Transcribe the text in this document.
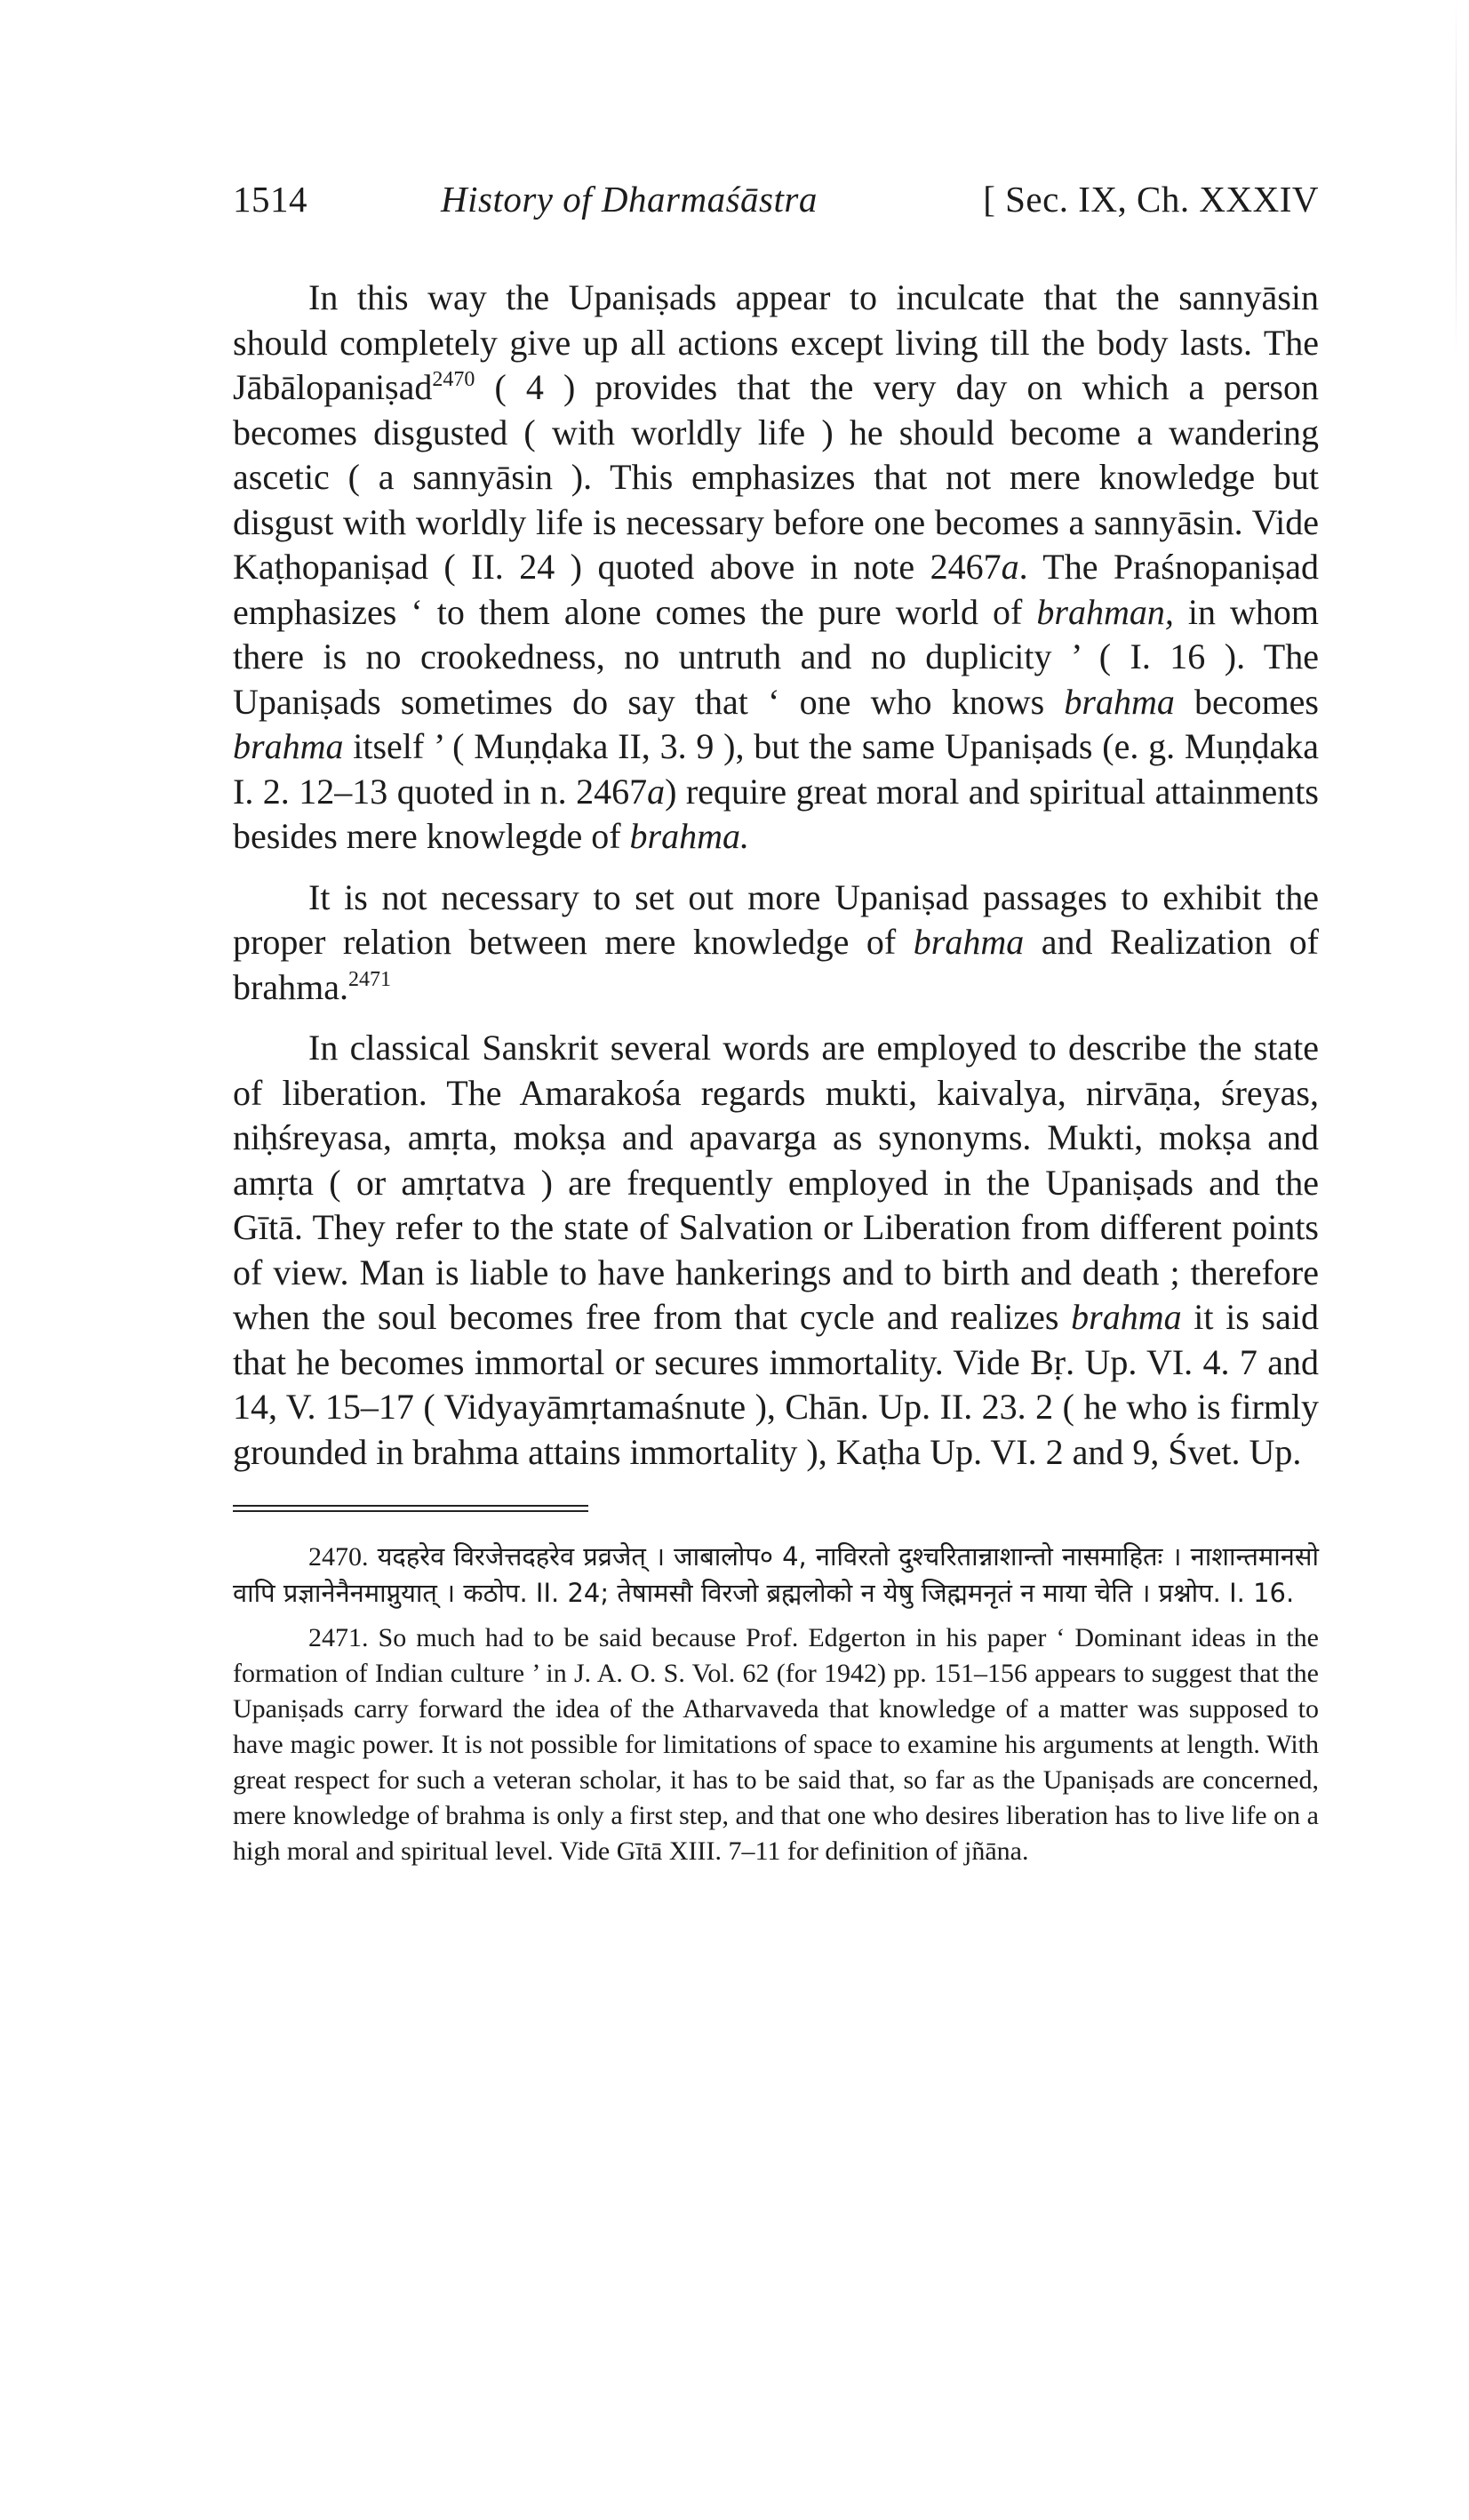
1514	History of Dharmaśāstra	[ Sec. IX, Ch. XXXIV

In this way the Upaniṣads appear to inculcate that the sannyāsin should completely give up all actions except living till the body lasts. The Jābālopaniṣad$^{2470}$ ( 4 ) provides that the very day on which a person becomes disgusted ( with worldly life ) he should become a wandering ascetic ( a sannyāsin ). This emphasizes that not mere knowledge but disgust with worldly life is necessary before one becomes a sannyāsin. Vide Kaṭhopaniṣad ( II. 24 ) quoted above in note 2467a. The Praśnopaniṣad emphasizes ‘ to them alone comes the pure world of brahman, in whom there is no crookedness, no untruth and no duplicity ’ ( I. 16 ). The Upaniṣads sometimes do say that ‘ one who knows brahma becomes brahma itself ’ ( Muṇḍaka II, 3. 9 ), but the same Upaniṣads (e. g. Muṇḍaka I. 2. 12–13 quoted in n. 2467a) require great moral and spiritual attainments besides mere knowlegde of brahma.

It is not necessary to set out more Upaniṣad passages to exhibit the proper relation between mere knowledge of brahma and Realization of brahma.$^{2471}$

In classical Sanskrit several words are employed to describe the state of liberation. The Amarakośa regards mukti, kaivalya, nirvāṇa, śreyas, niḥśreyasa, amṛta, mokṣa and apavarga as synonyms. Mukti, mokṣa and amṛta ( or amṛtatva ) are frequently employed in the Upaniṣads and the Gītā. They refer to the state of Salvation or Liberation from different points of view. Man is liable to have hankerings and to birth and death ; therefore when the soul becomes free from that cycle and realizes brahma it is said that he becomes immortal or secures immortality. Vide Bṛ. Up. VI. 4. 7 and 14, V. 15–17 ( Vidyayāmṛtamaśnute ), Chān. Up. II. 23. 2 ( he who is firmly grounded in brahma attains immortality ), Kaṭha Up. VI. 2 and 9, Śvet. Up.

2470. यदहरेव विरजेत्तदहरेव प्रव्रजेत् । जाबालोप० 4, नाविरतो दुश्चरितान्नाशान्तो नासमाहितः । नाशान्तमानसो वापि प्रज्ञानेनैनमाप्नुयात् । कठोप. II. 24; तेषामसौ विरजो ब्रह्मलोको न येषु जिह्ममनृतं न माया चेति । प्रश्नोप. I. 16.
2471. So much had to be said because Prof. Edgerton in his paper ‘ Dominant ideas in the formation of Indian culture ’ in J. A. O. S. Vol. 62 (for 1942) pp. 151–156 appears to suggest that the Upaniṣads carry forward the idea of the Atharvaveda that knowledge of a matter was supposed to have magic power. It is not possible for limitations of space to examine his arguments at length. With great respect for such a veteran scholar, it has to be said that, so far as the Upaniṣads are concerned, mere knowledge of brahma is only a first step, and that one who desires liberation has to live life on a high moral and spiritual level. Vide Gītā XIII. 7–11 for definition of jñāna.
